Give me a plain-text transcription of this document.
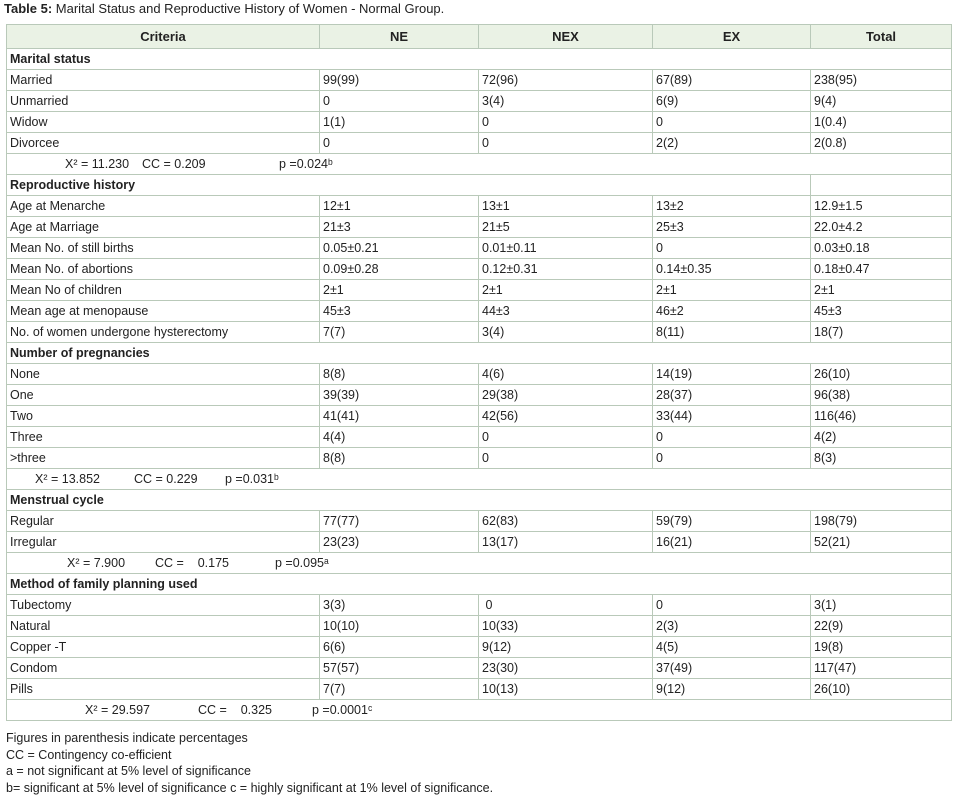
Table 5: Marital Status and Reproductive History of Women - Normal Group.
Criteria	NE	NEX	EX	Total
Marital status				
Married	99(99)	72(96)	67(89)	238(95)
Unmarried	0	3(4)	6(9)	9(4)
Widow	1(1)	0	0	1(0.4)
Divorcee	0	0	2(2)	2(0.8)

X² = 11.230 CC = 0.209 p =0.024ᵇ				

Reproductive history				
Age at Menarche	12±1	13±1	13±2	12.9±1.5
Age at Marriage	21±3	21±5	25±3	22.0±4.2
Mean No. of still births	0.05±0.21	0.01±0.11	0	0.03±0.18
Mean No. of abortions	0.09±0.28	0.12±0.31	0.14±0.35	0.18±0.47
Mean No of children	2±1	2±1	2±1	2±1
Mean age at menopause	45±3	44±3	46±2	45±3
No. of women undergone hysterectomy	7(7)	3(4)	8(11)	18(7)
Number of pregnancies				
None	8(8)	4(6)	14(19)	26(10)
One	39(39)	29(38)	28(37)	96(38)
Two	41(41)	42(56)	33(44)	116(46)
Three	4(4)	0	0	4(2)
>three	8(8)	0	0	8(3)

X² = 13.852 CC = 0.229 p =0.031ᵇ				

Menstrual cycle				
Regular	77(77)	62(83)	59(79)	198(79)
Irregular	23(23)	13(17)	16(21)	52(21)

X² = 7.900 CC =    0.175 p =0.095ᵃ				

Method of family planning used				
Tubectomy	3(3)	0	0	3(1)
Natural	10(10)	10(33)	2(3)	22(9)
Copper -T	6(6)	9(12)	4(5)	19(8)
Condom	57(57)	23(30)	37(49)	117(47)
Pills	7(7)	10(13)	9(12)	26(10)

X² = 29.597 CC =    0.325 p =0.0001ᶜ				
Figures in parenthesis indicate percentages
CC = Contingency co-efficient
a = not significant at 5% level of significance
b= significant at 5% level of significance c = highly significant at 1% level of significance.
